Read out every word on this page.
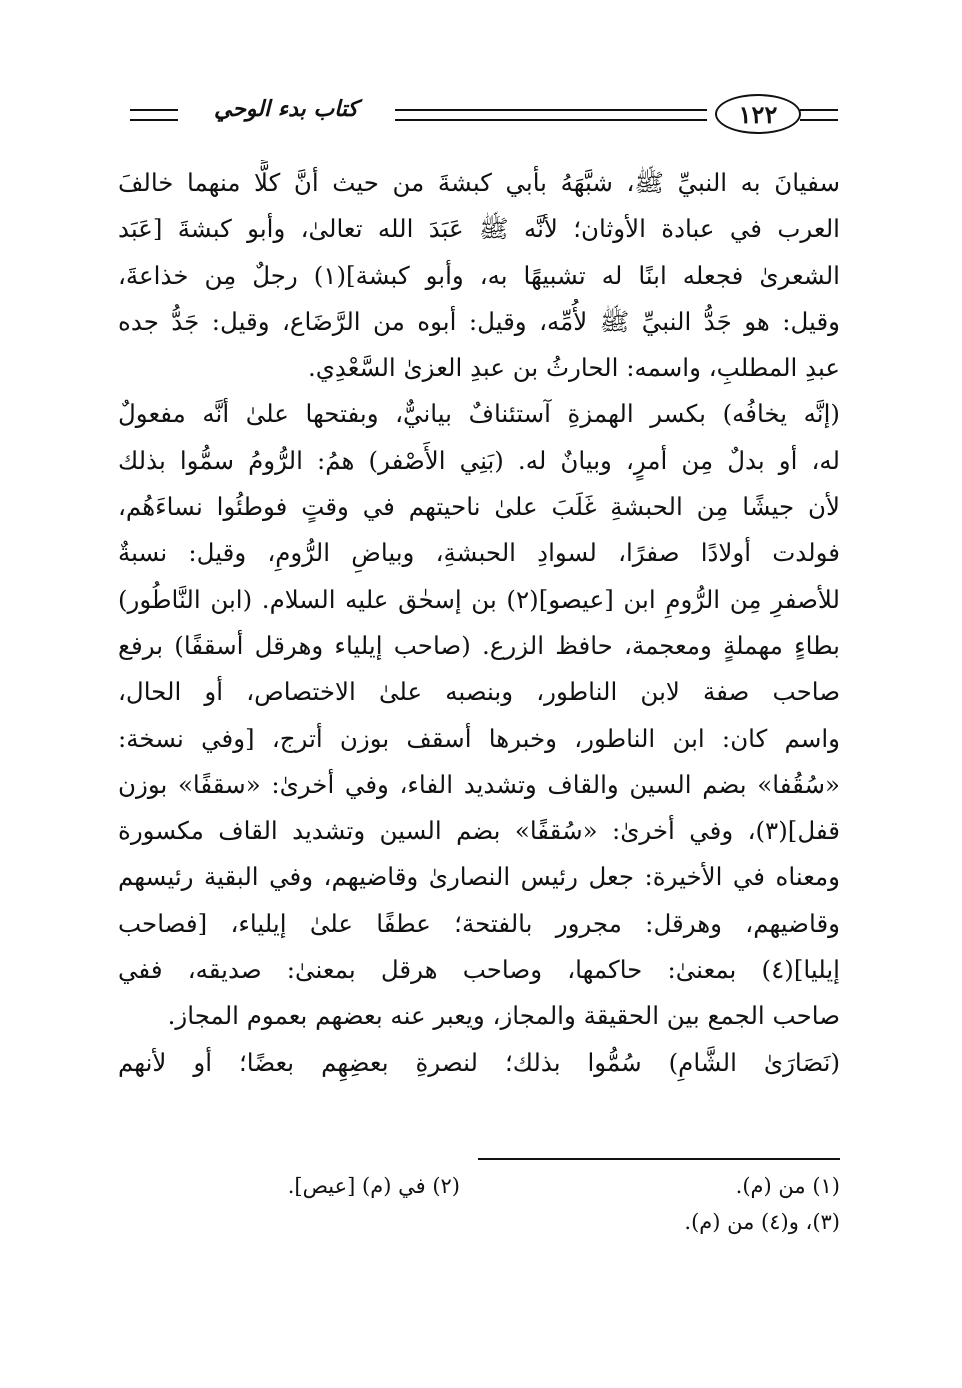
١٢٢
كتاب بدء الوحي
سفيانَ به النبيِّ ﷺ، شبَّهَهُ بأبي كبشةَ من حيث أنَّ كلًّا منهما خالفَ
العرب في عبادة الأوثان؛ لأنَّه ﷺ عَبَدَ الله تعالىٰ، وأبو كبشةَ [عَبَد
الشعرىٰ فجعله ابنًا له تشبيهًا به، وأبو كبشة](١) رجلٌ مِن خذاعةَ،
وقيل: هو جَدُّ النبيِّ ﷺ لأُمِّه، وقيل: أبوه من الرَّضَاع، وقيل: جَدُّ جده
عبدِ المطلبِ، واسمه: الحارثُ بن عبدِ العزىٰ السَّعْدِي.
(إنَّه يخافُه) بكسر الهمزةِ آستئنافٌ بيانيٌّ، وبفتحها علىٰ أنَّه مفعولٌ
له، أو بدلٌ مِن أمرٍ، وبيانٌ له. (بَنِي الأَصْفر) همُ: الرُّومُ سمُّوا بذلك
لأن جيشًا مِن الحبشةِ غَلَبَ علىٰ ناحيتهم في وقتٍ فوطئُوا نساءَهُم،
فولدت أولادًا صفرًا، لسوادِ الحبشةِ، وبياضِ الرُّومِ، وقيل: نسبةٌ
للأصفرِ مِن الرُّومِ ابن [عيصو](٢) بن إسحٰق عليه السلام. (ابن النَّاطُور)
بطاءٍ مهملةٍ ومعجمة، حافظ الزرع. (صاحب إيلياء وهرقل أسقفًا) برفع
صاحب صفة لابن الناطور، وبنصبه علىٰ الاختصاص، أو الحال،
واسم كان: ابن الناطور، وخبرها أسقف بوزن أترج، [وفي نسخة:
«سُقُفا» بضم السين والقاف وتشديد الفاء، وفي أخرىٰ: «سقفًا» بوزن
قفل](٣)، وفي أخرىٰ: «سُقفًا» بضم السين وتشديد القاف مكسورة
ومعناه في الأخيرة: جعل رئيس النصارىٰ وقاضيهم، وفي البقية رئيسهم
وقاضيهم، وهرقل: مجرور بالفتحة؛ عطفًا علىٰ إيلياء، [فصاحب
إيليا](٤) بمعنىٰ: حاكمها، وصاحب هرقل بمعنىٰ: صديقه، ففي
صاحب الجمع بين الحقيقة والمجاز، ويعبر عنه بعضهم بعموم المجاز.
(نَصَارَىٰ الشَّامِ) سُمُّوا بذلك؛ لنصرةِ بعضِهِم بعضًا؛ أو لأنهم
(١) من (م).
(٢) في (م) [عيص].
(٣)، و(٤) من (م).
